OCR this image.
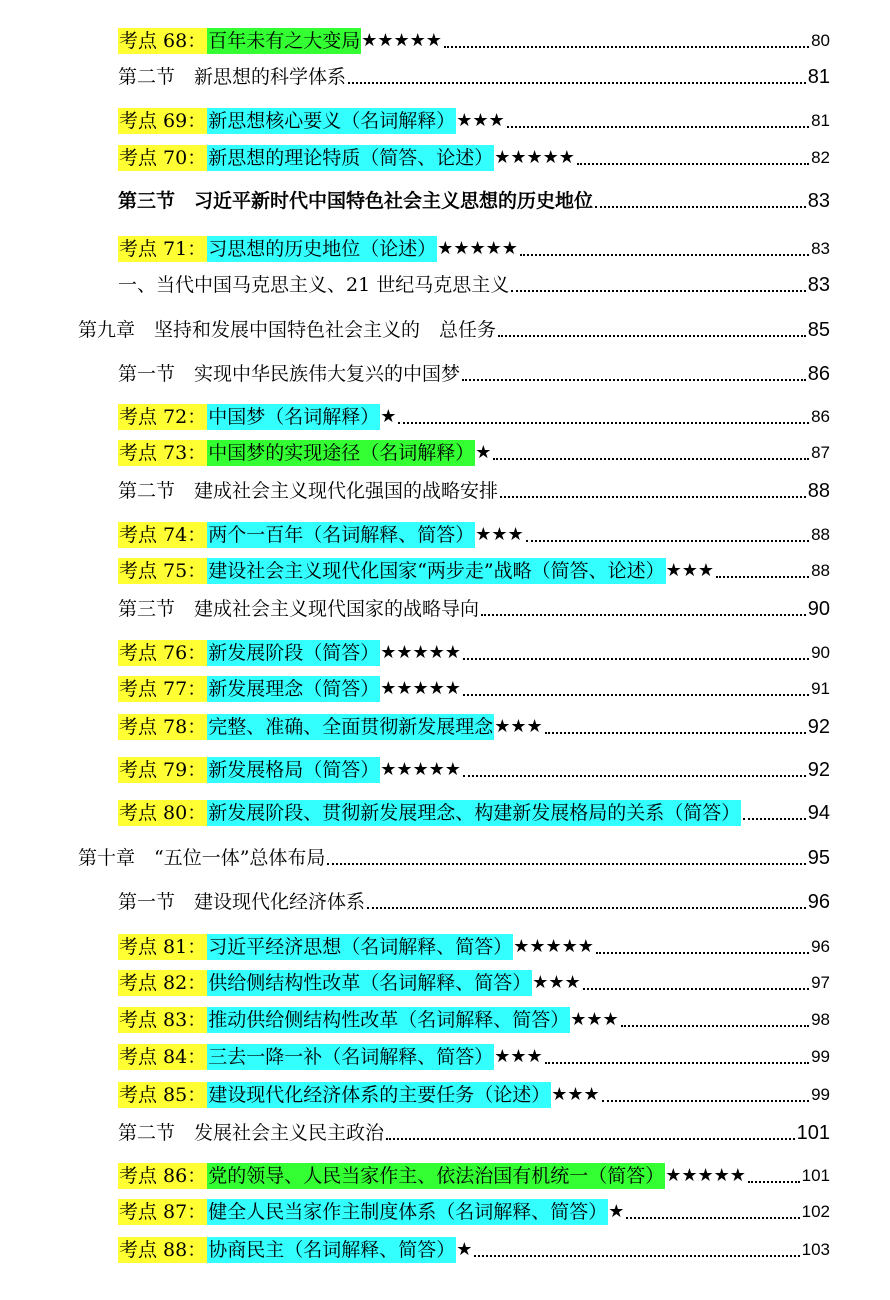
考点 68： 百年未有之大变局 ★★★★★	80
第二节　新思想的科学体系	81
考点 69： 新思想核心要义（名词解释） ★★★	81
考点 70： 新思想的理论特质（简答、论述） ★★★★★	82
第三节　习近平新时代中国特色社会主义思想的历史地位	83
考点 71： 习思想的历史地位（论述） ★★★★★	83
一、当代中国马克思主义、21 世纪马克思主义	83
第九章　坚持和发展中国特色社会主义的　总任务	85
第一节　实现中华民族伟大复兴的中国梦	86
考点 72： 中国梦（名词解释） ★	86
考点 73： 中国梦的实现途径（名词解释） ★	87
第二节　建成社会主义现代化强国的战略安排	88
考点 74： 两个一百年（名词解释、简答） ★★★	88
考点 75： 建设社会主义现代化国家“两步走”战略（简答、论述） ★★★	88
第三节　建成社会主义现代国家的战略导向	90
考点 76： 新发展阶段（简答） ★★★★★	90
考点 77： 新发展理念（简答） ★★★★★	91
考点 78： 完整、准确、全面贯彻新发展理念 ★★★	92
考点 79： 新发展格局（简答） ★★★★★	92
考点 80： 新发展阶段、贯彻新发展理念、构建新发展格局的关系（简答）	94
第十章　“五位一体”总体布局	95
第一节　建设现代化经济体系	96
考点 81： 习近平经济思想（名词解释、简答） ★★★★★	96
考点 82： 供给侧结构性改革（名词解释、简答） ★★★	97
考点 83： 推动供给侧结构性改革（名词解释、简答） ★★★	98
考点 84： 三去一降一补（名词解释、简答） ★★★	99
考点 85： 建设现代化经济体系的主要任务（论述） ★★★	99
第二节　发展社会主义民主政治	101
考点 86： 党的领导、人民当家作主、依法治国有机统一（简答） ★★★★★	101
考点 87： 健全人民当家作主制度体系（名词解释、简答） ★	102
考点 88： 协商民主（名词解释、简答） ★	103
